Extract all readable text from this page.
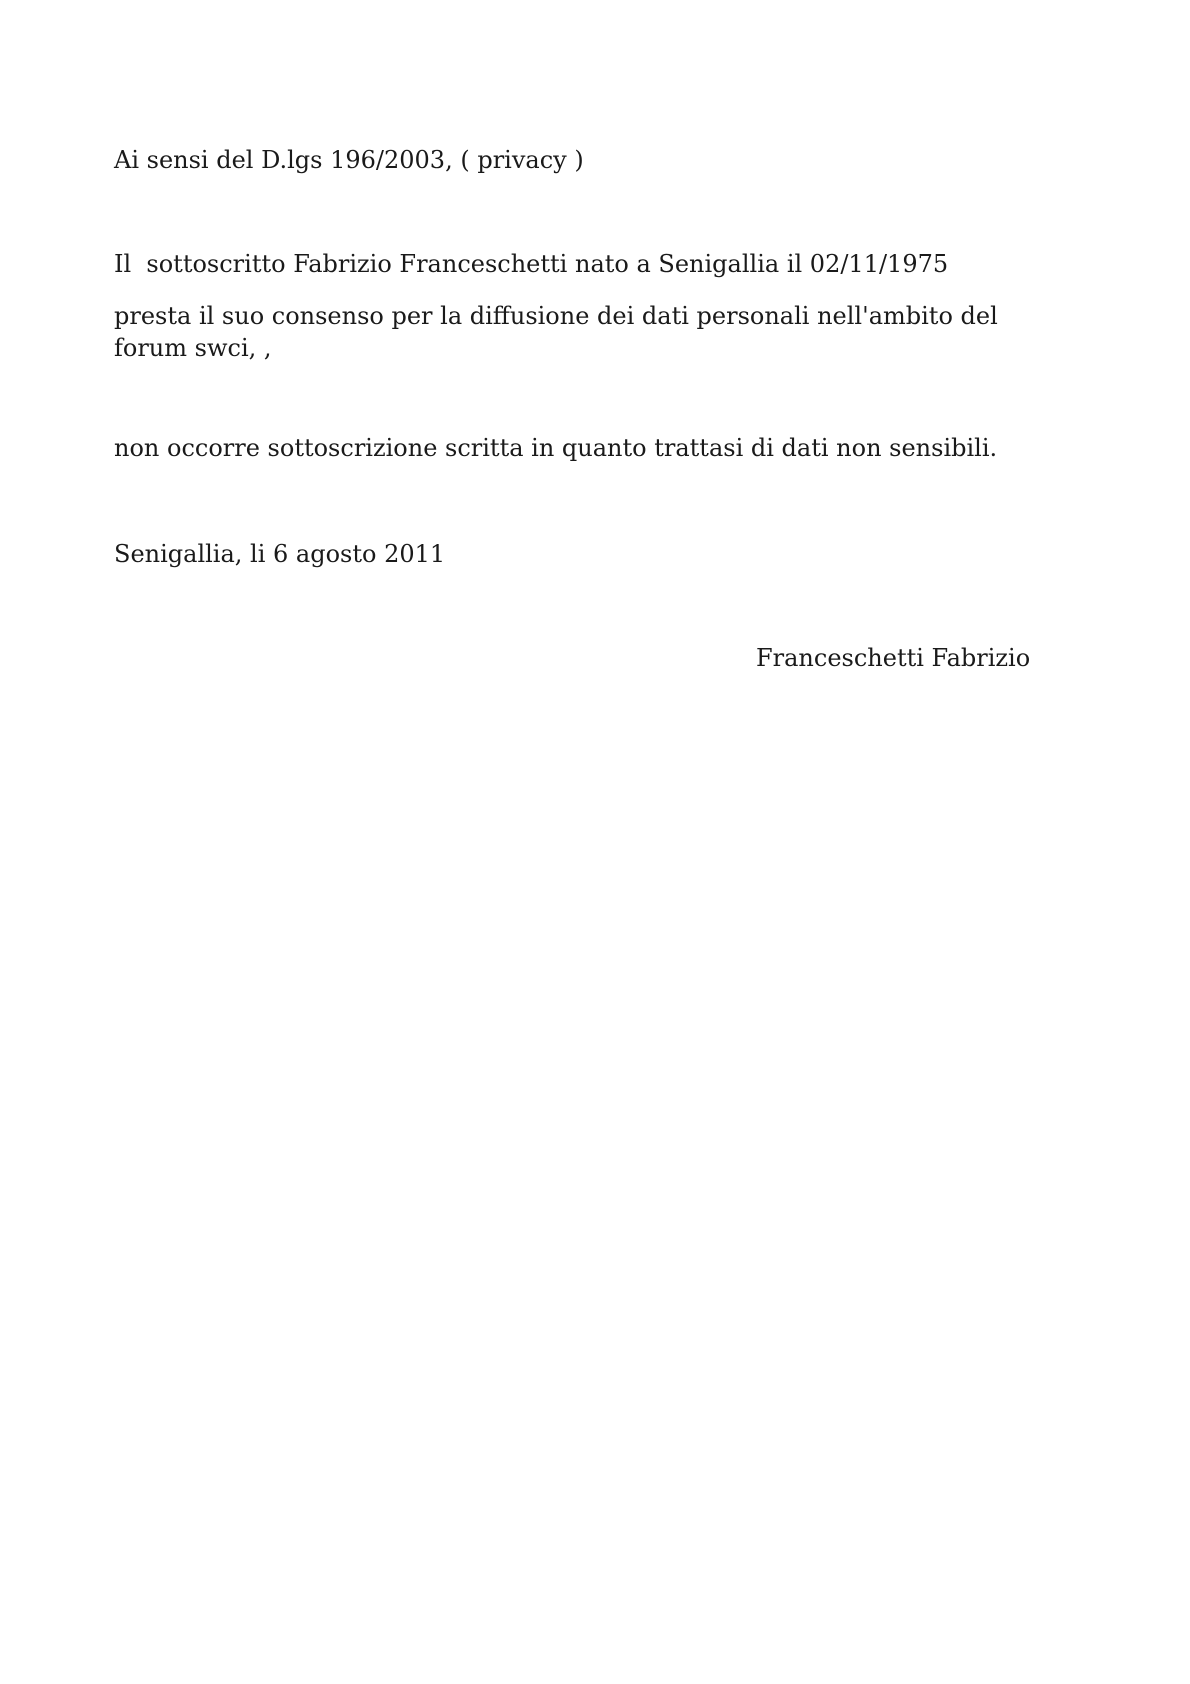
Ai sensi del D.lgs 196/2003, ( privacy )

Il  sottoscritto Fabrizio Franceschetti nato a Senigallia il 02/11/1975

presta il suo consenso per la diffusione dei dati personali nell'ambito del forum swci, ,

non occorre sottoscrizione scritta in quanto trattasi di dati non sensibili.

Senigallia, li 6 agosto 2011

Franceschetti Fabrizio
